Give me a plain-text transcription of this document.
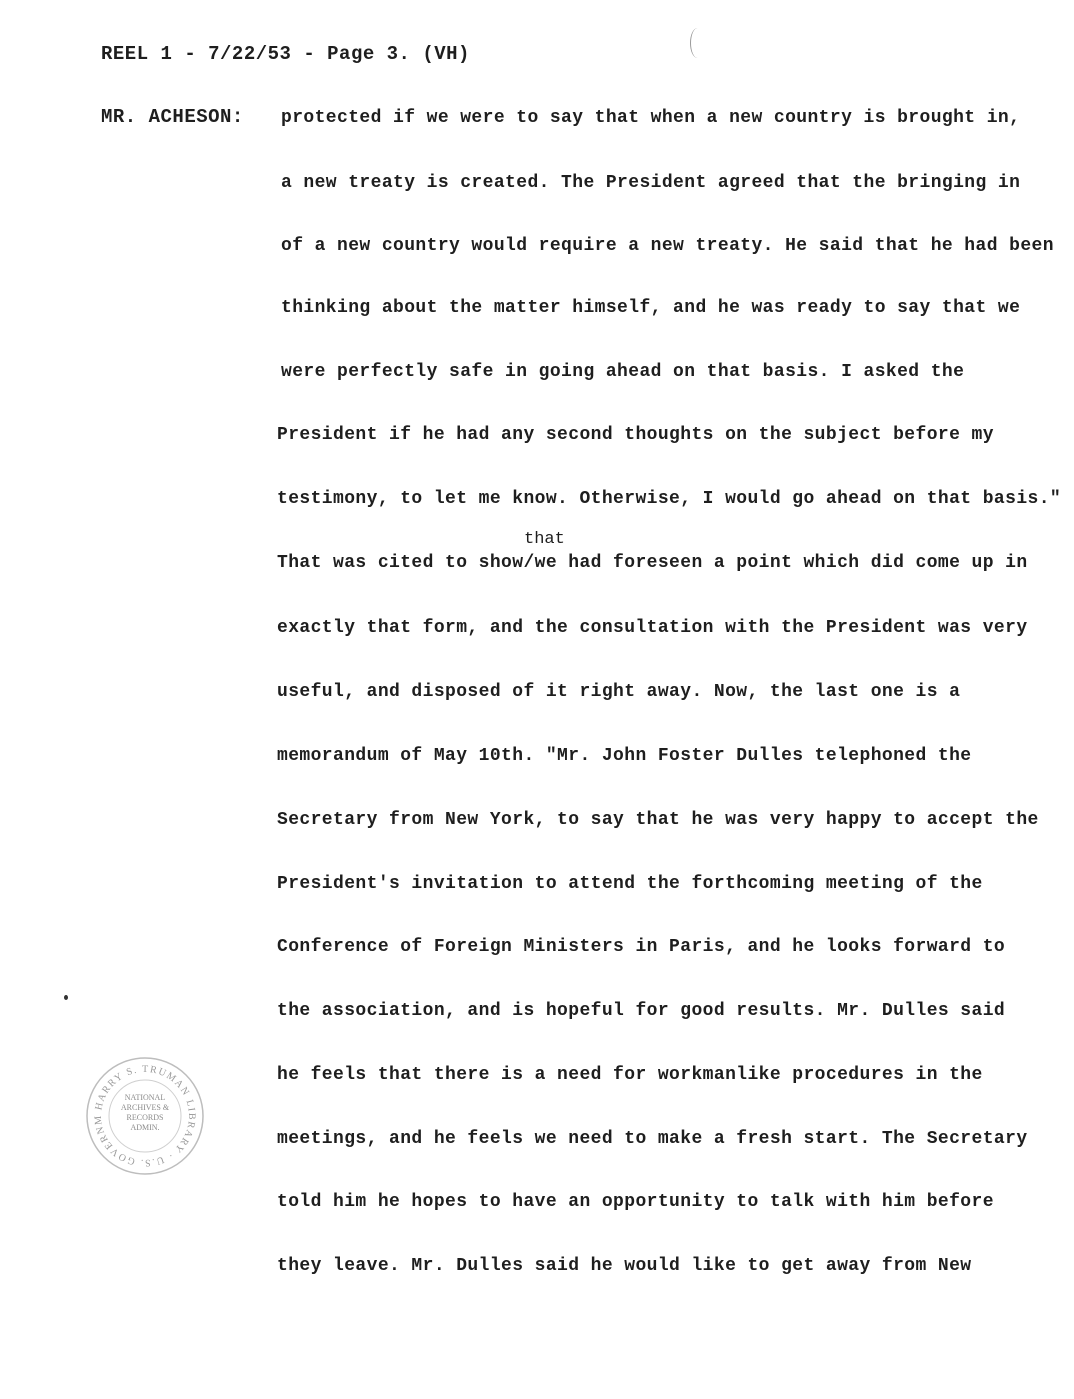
REEL 1 - 7/22/53 - Page 3. (VH)
MR. ACHESON: protected if we were to say that when a new country is brought in,
a new treaty is created. The President agreed that the bringing in
of a new country would require a new treaty. He said that he had been
thinking about the matter himself, and he was ready to say that we
were perfectly safe in going ahead on that basis. I asked the
President if he had any second thoughts on the subject before my
testimony, to let me know. Otherwise, I would go ahead on that basis."
that
That was cited to show/we had foreseen a point which did come up in
exactly that form, and the consultation with the President was very
useful, and disposed of it right away. Now, the last one is a
memorandum of May 10th. "Mr. John Foster Dulles telephoned the
Secretary from New York, to say that he was very happy to accept the
President's invitation to attend the forthcoming meeting of the
Conference of Foreign Ministers in Paris, and he looks forward to
the association, and is hopeful for good results. Mr. Dulles said
he feels that there is a need for workmanlike procedures in the
meetings, and he feels we need to make a fresh start. The Secretary
told him he hopes to have an opportunity to talk with him before
they leave. Mr. Dulles said he would like to get away from New
HARRY S. TRUMAN LIBRARY · U.S. GOVERNM
NATIONAL
ARCHIVES &
RECORDS
ADMIN.
